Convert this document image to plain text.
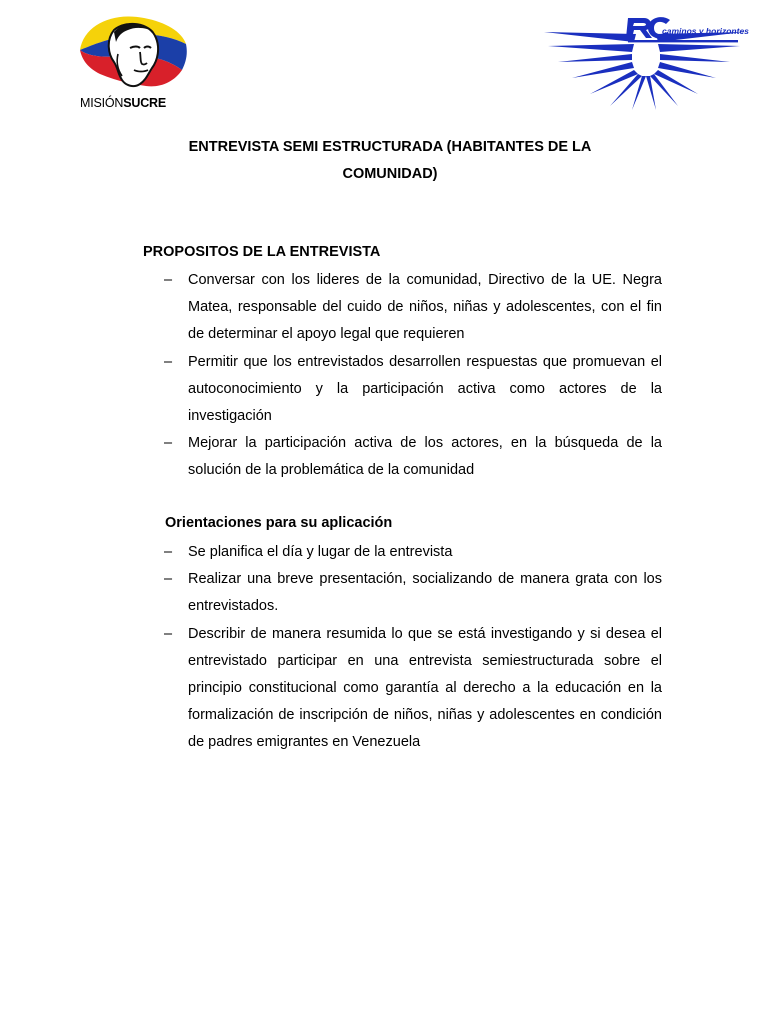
MISIÓNSUCRE
caminos y horizontes
ENTREVISTA SEMI ESTRUCTURADA (HABITANTES DE LA
COMUNIDAD)
PROPOSITOS DE LA ENTREVISTA
–	Conversar con los lideres de la comunidad, Directivo de la UE. Negra Matea, responsable del cuido de niños, niñas y adolescentes, con el fin de determinar el apoyo legal que requieren
–	Permitir que los entrevistados desarrollen respuestas que promuevan el autoconocimiento y la participación activa como actores de la investigación
–	Mejorar la participación activa de los actores, en la búsqueda de la solución de la problemática de la comunidad
Orientaciones para su aplicación
–	Se planifica el día y lugar de la entrevista
–	Realizar una breve presentación, socializando de manera grata con los entrevistados.
–	Describir de manera resumida lo que se está investigando y si desea el entrevistado participar en una entrevista semiestructurada sobre el principio constitucional como garantía al derecho a la educación en la formalización de inscripción de niños, niñas y adolescentes en condición de padres emigrantes en Venezuela
